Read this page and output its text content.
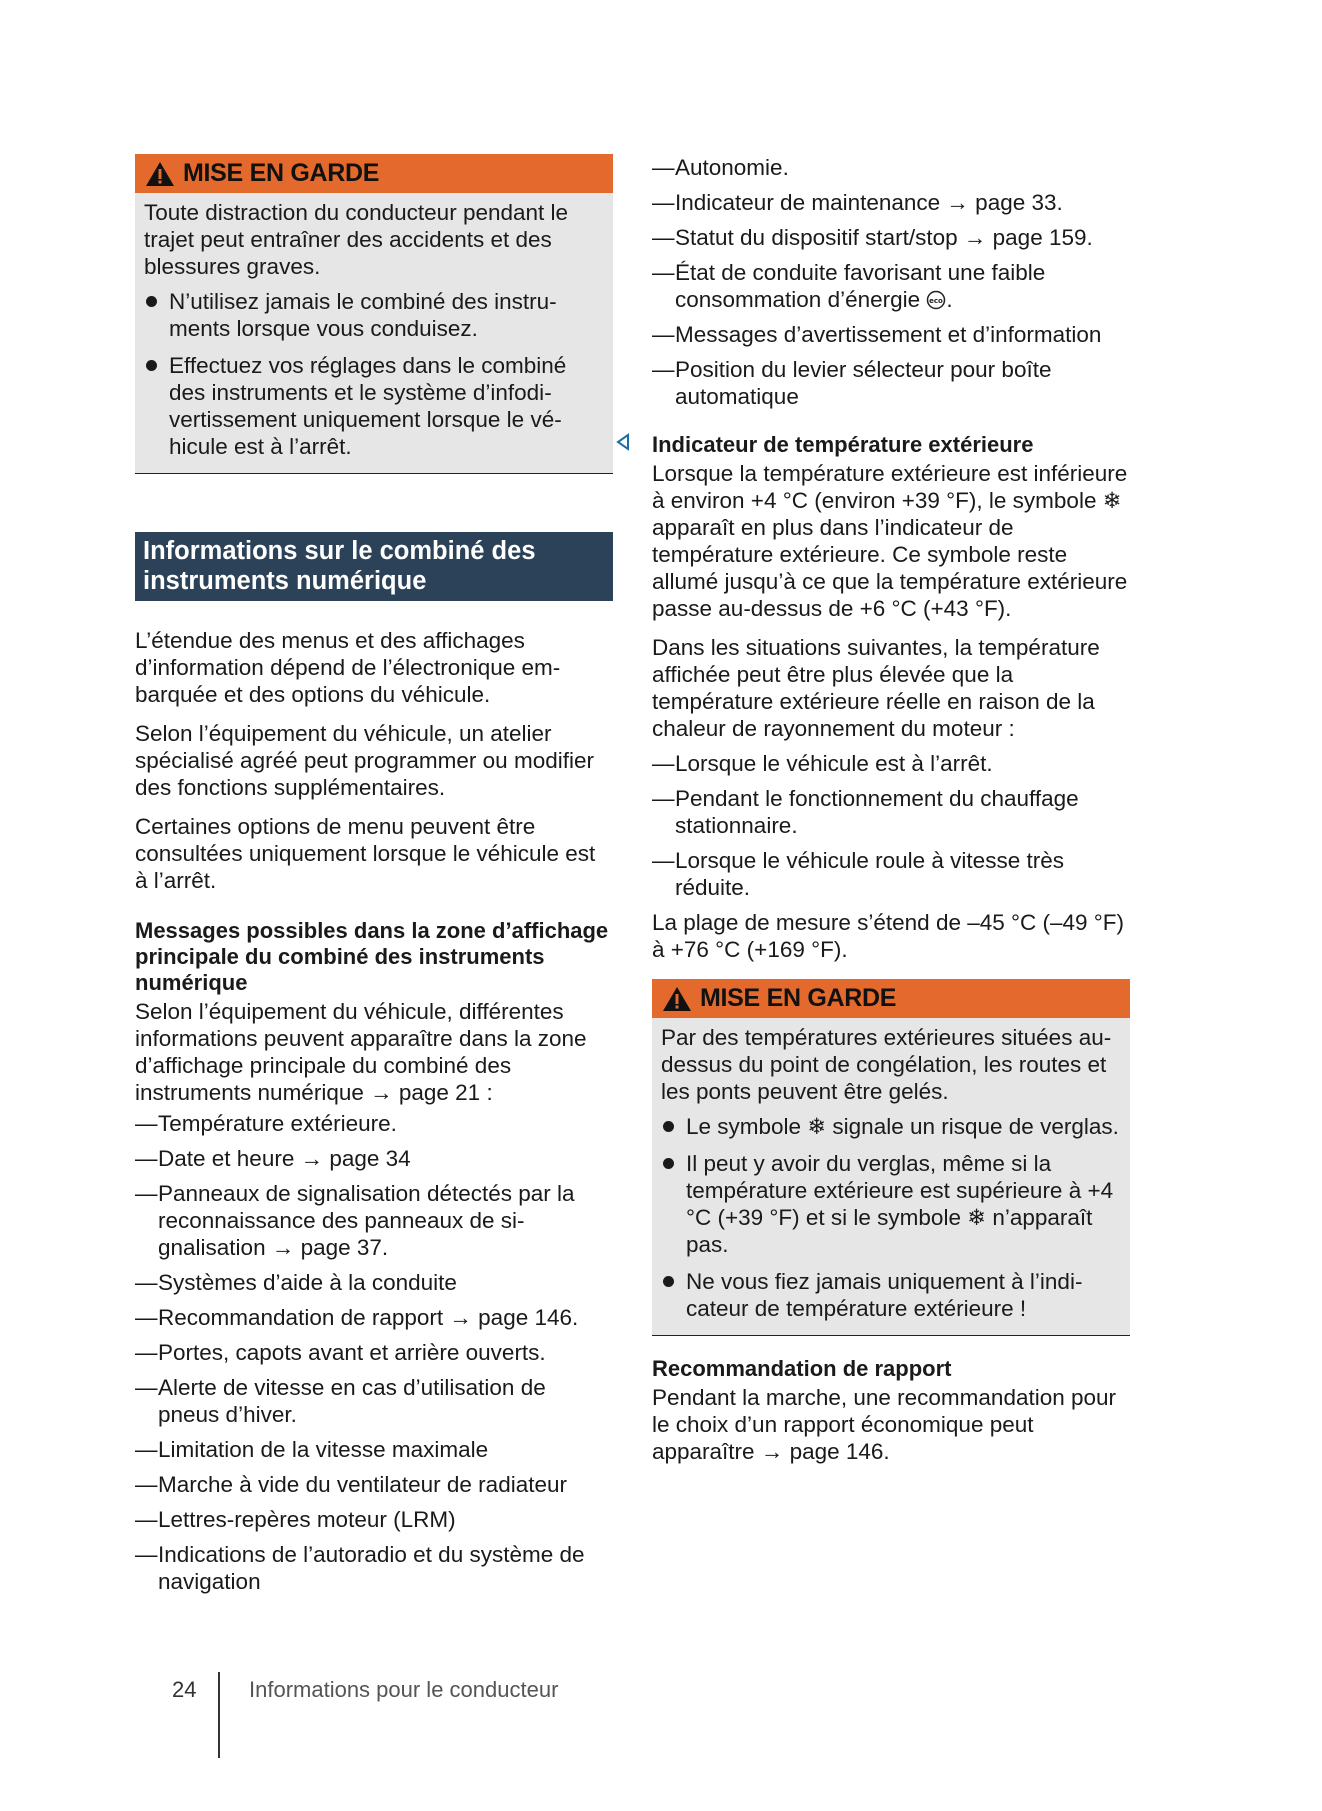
MISE EN GARDE

Toute distraction du conducteur pendant le trajet peut entraîner des accidents et des blessures graves.

N’utilisez jamais le combiné des instruments lorsque vous conduisez.
Effectuez vos réglages dans le combiné des instruments et le système d’infodivertissement uniquement lorsque le véhicule est à l’arrêt.
Informations sur le combiné des instruments numérique

L’étendue des menus et des affichages d’information dépend de l’électronique embarquée et des options du véhicule.

Selon l’équipement du véhicule, un atelier spécialisé agréé peut programmer ou modifier des fonctions supplémentaires.

Certaines options de menu peuvent être consultées uniquement lorsque le véhicule est à l’arrêt.

Messages possibles dans la zone d’affichage principale du combiné des instruments numérique

Selon l’équipement du véhicule, différentes informations peuvent apparaître dans la zone d’affichage principale du combiné des instruments numérique → page 21 :

— Température extérieure.
— Date et heure → page 34
— Panneaux de signalisation détectés par la reconnaissance des panneaux de signalisation → page 37.
— Systèmes d’aide à la conduite
— Recommandation de rapport → page 146.
— Portes, capots avant et arrière ouverts.
— Alerte de vitesse en cas d’utilisation de pneus d’hiver.
— Limitation de la vitesse maximale
— Marche à vide du ventilateur de radiateur
— Lettres-repères moteur (LRM)
— Indications de l’autoradio et du système de navigation
— Autonomie.
— Indicateur de maintenance → page 33.
— Statut du dispositif start/stop → page 159.
— État de conduite favorisant une faible consommation d’énergie eco .
— Messages d’avertissement et d’information
— Position du levier sélecteur pour boîte automatique
Indicateur de température extérieure

Lorsque la température extérieure est inférieure à environ +4 °C (environ +39 °F), le symbole ❄ apparaît en plus dans l’indicateur de température extérieure. Ce symbole reste allumé jusqu’à ce que la température extérieure passe au-dessus de +6 °C (+43 °F).

Dans les situations suivantes, la température affichée peut être plus élevée que la température extérieure réelle en raison de la chaleur de rayonnement du moteur :

— Lorsque le véhicule est à l’arrêt.
— Pendant le fonctionnement du chauffage stationnaire.
— Lorsque le véhicule roule à vitesse très réduite.

La plage de mesure s’étend de –45 °C (–49 °F) à +76 °C (+169 °F).

MISE EN GARDE

Par des températures extérieures situées au-dessus du point de congélation, les routes et les ponts peuvent être gelés.

Le symbole ❄ signale un risque de verglas.
Il peut y avoir du verglas, même si la température extérieure est supérieure à +4 °C (+39 °F) et si le symbole ❄ n’apparaît pas.
Ne vous fiez jamais uniquement à l’indicateur de température extérieure !
Recommandation de rapport

Pendant la marche, une recommandation pour le choix d’un rapport économique peut apparaître → page 146.

24 Informations pour le conducteur
